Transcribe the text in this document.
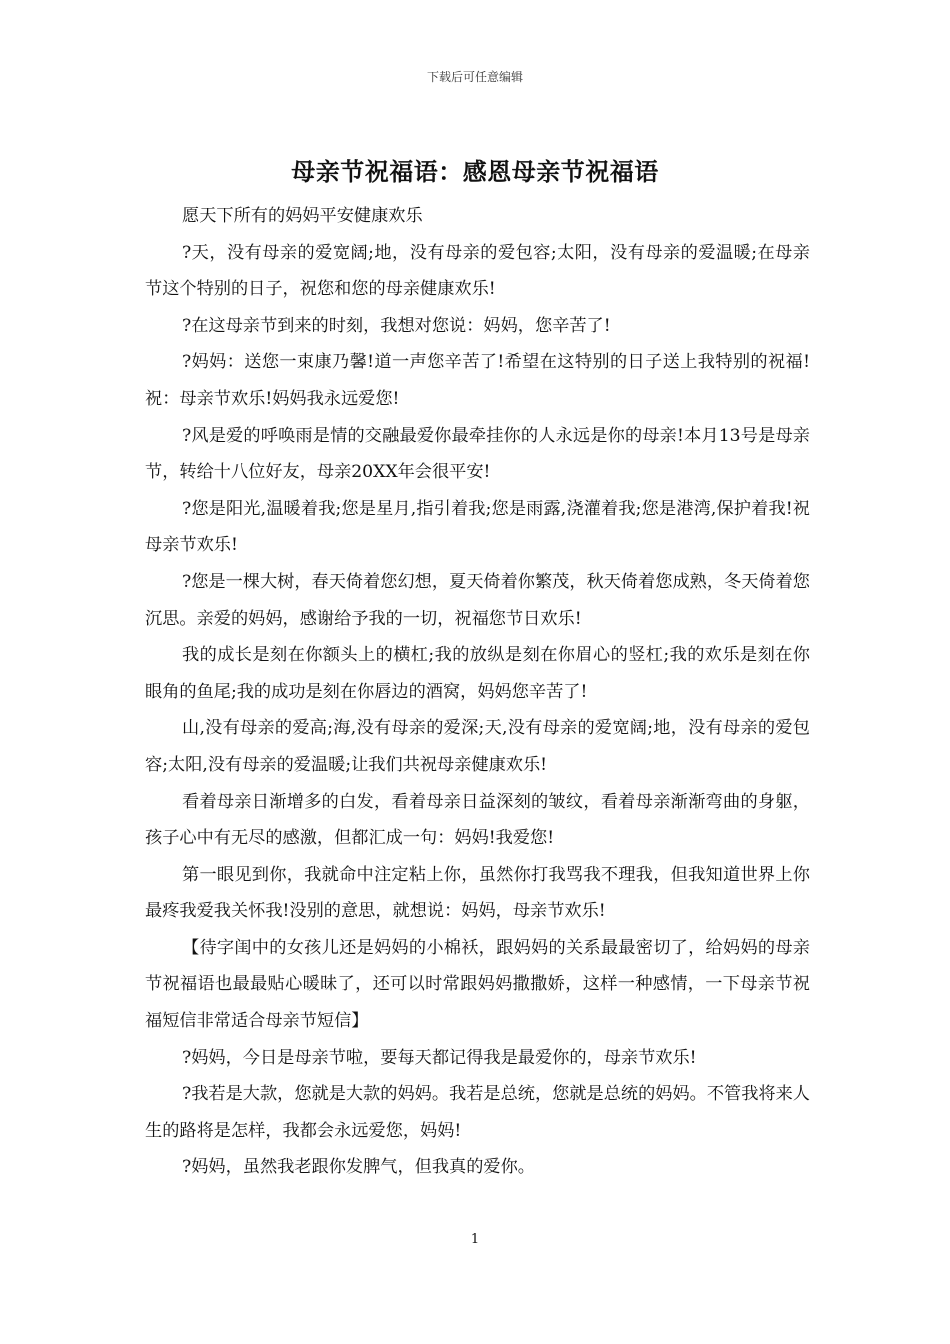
下载后可任意编辑
母亲节祝福语：感恩母亲节祝福语

愿天下所有的妈妈平安健康欢乐

?天，没有母亲的爱宽阔;地，没有母亲的爱包容;太阳，没有母亲的爱温暖;在母亲节这个特别的日子，祝您和您的母亲健康欢乐!

?在这母亲节到来的时刻，我想对您说：妈妈，您辛苦了!

?妈妈：送您一束康乃馨!道一声您辛苦了!希望在这特别的日子送上我特别的祝福!祝：母亲节欢乐!妈妈我永远爱您!

?风是爱的呼唤雨是情的交融最爱你最牵挂你的人永远是你的母亲!本月13号是母亲节，转给十八位好友，母亲20XX年会很平安!

?您是阳光,温暖着我;您是星月,指引着我;您是雨露,浇灌着我;您是港湾,保护着我!祝母亲节欢乐!

?您是一棵大树，春天倚着您幻想，夏天倚着你繁茂，秋天倚着您成熟，冬天倚着您沉思。亲爱的妈妈，感谢给予我的一切，祝福您节日欢乐!

我的成长是刻在你额头上的横杠;我的放纵是刻在你眉心的竖杠;我的欢乐是刻在你眼角的鱼尾;我的成功是刻在你唇边的酒窝，妈妈您辛苦了!

山,没有母亲的爱高;海,没有母亲的爱深;天,没有母亲的爱宽阔;地，没有母亲的爱包容;太阳,没有母亲的爱温暖;让我们共祝母亲健康欢乐!

看着母亲日渐增多的白发，看着母亲日益深刻的皱纹，看着母亲渐渐弯曲的身躯，孩子心中有无尽的感激，但都汇成一句：妈妈!我爱您!

第一眼见到你，我就命中注定粘上你，虽然你打我骂我不理我，但我知道世界上你最疼我爱我关怀我!没别的意思，就想说：妈妈，母亲节欢乐!

【待字闺中的女孩儿还是妈妈的小棉袄，跟妈妈的关系最最密切了，给妈妈的母亲节祝福语也最最贴心暖昧了，还可以时常跟妈妈撒撒娇，这样一种感情，一下母亲节祝福短信非常适合母亲节短信】

?妈妈，今日是母亲节啦，要每天都记得我是最爱你的，母亲节欢乐!

?我若是大款，您就是大款的妈妈。我若是总统，您就是总统的妈妈。不管我将来人生的路将是怎样，我都会永远爱您，妈妈!

?妈妈，虽然我老跟你发脾气，但我真的爱你。

1
